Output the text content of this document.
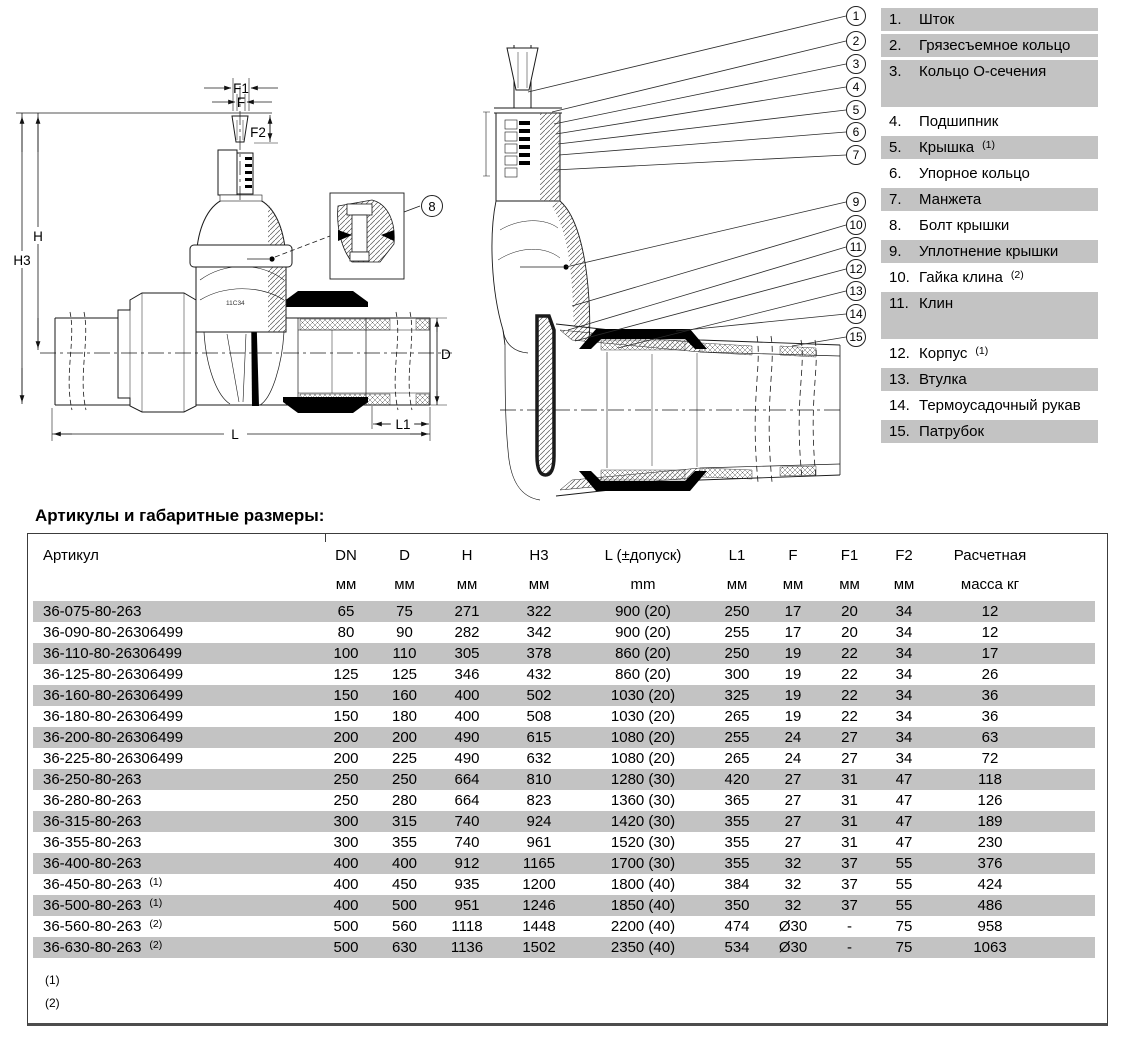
11C34
H3
H
F1
F
F2
D
L
L1
1
2
3
4
5
6
7
8	9
10
11
12
13
14
15
1.	Шток
2.	Грязесъемное кольцо
3.	Кольцо О-сечения
4.	Подшипник
5.	Крышка $^{(1)}$
6.	Упорное кольцо
7.	Манжета
8.	Болт крышки
9.	Уплотнение крышки
10. Гайка клина $^{(2)}$
11. Клин
12. Корпус $^{(1)}$
13. Втулка
14. Термоусадочный рукав
15. Патрубок
Артикулы и габаритные размеры:
Артикул	DN	D	H	H3	L (±допуск)	L1	F	F1	F2	Расчетная
	мм	мм	мм	мм	mm	мм	мм	мм	мм	масса кг
36-075-80-263	65	75	271	322	900 (20)	250	17	20	34	12
36-090-80-26306499	80	90	282	342	900 (20)	255	17	20	34	12
36-110-80-26306499	100	110	305	378	860 (20)	250	19	22	34	17
36-125-80-26306499	125	125	346	432	860 (20)	300	19	22	34	26
36-160-80-26306499	150	160	400	502	1030 (20)	325	19	22	34	36
36-180-80-26306499	150	180	400	508	1030 (20)	265	19	22	34	36
36-200-80-26306499	200	200	490	615	1080 (20)	255	24	27	34	63
36-225-80-26306499	200	225	490	632	1080 (20)	265	24	27	34	72
36-250-80-263	250	250	664	810	1280 (30)	420	27	31	47	118
36-280-80-263	250	280	664	823	1360 (30)	365	27	31	47	126
36-315-80-263	300	315	740	924	1420 (30)	355	27	31	47	189
36-355-80-263	300	355	740	961	1520 (30)	355	27	31	47	230
36-400-80-263	400	400	912	1165	1700 (30)	355	32	37	55	376
36-450-80-263 $^{(1)}$	400	450	935	1200	1800 (40)	384	32	37	55	424
36-500-80-263 $^{(1)}$	400	500	951	1246	1850 (40)	350	32	37	55	486
36-560-80-263 $^{(2)}$	500	560	1118	1448	2200 (40)	474	Ø30	-	75	958
36-630-80-263 $^{(2)}$	500	630	1136	1502	2350 (40)	534	Ø30	-	75	1063
(1)
(2)
